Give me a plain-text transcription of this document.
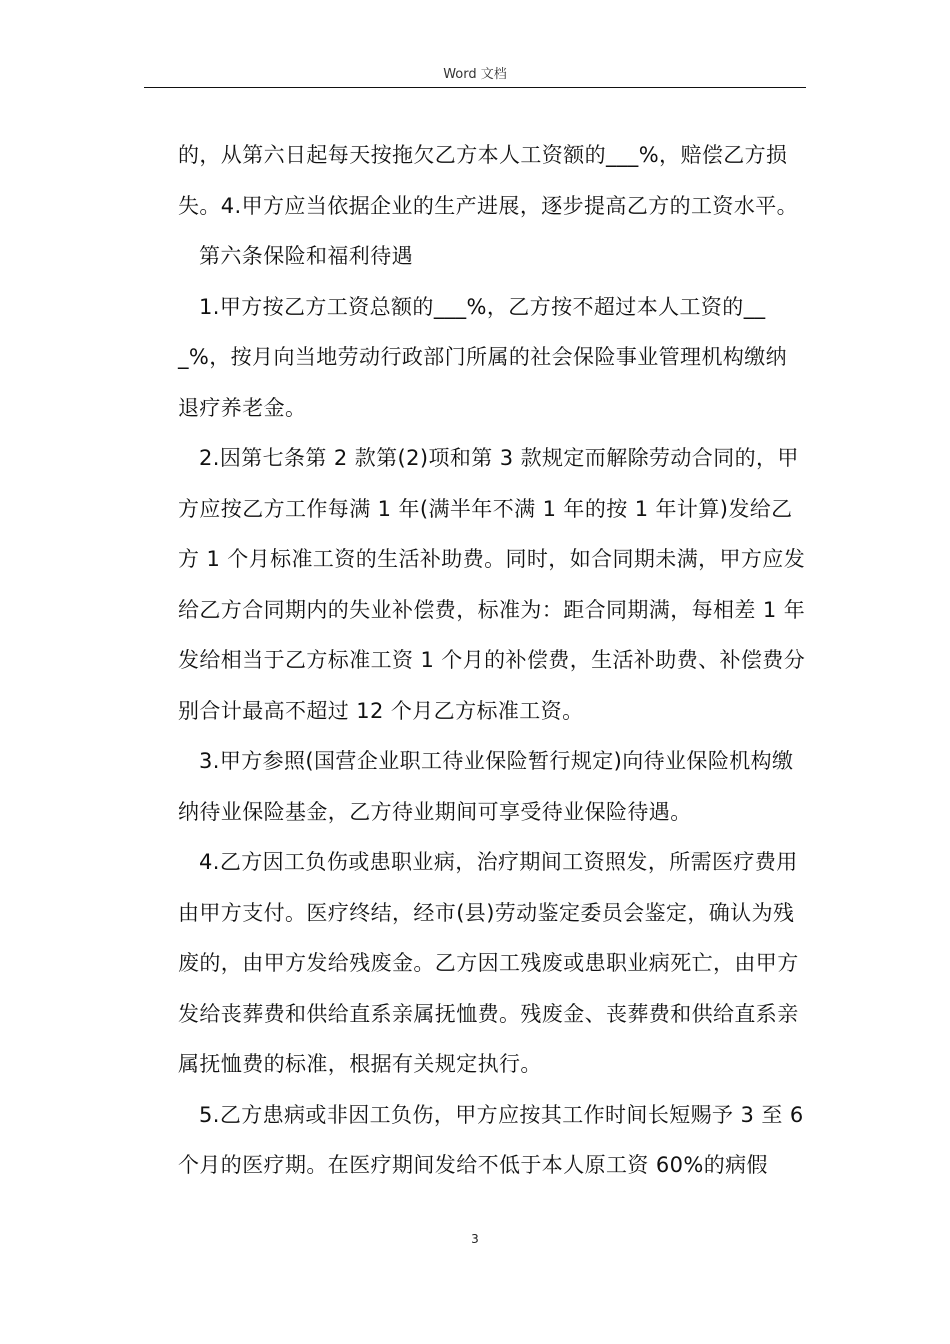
Word 文档

的，从第六日起每天按拖欠乙方本人工资额的___%，赔偿乙方损失。4.甲方应当依据企业的生产进展，逐步提高乙方的工资水平。

第六条保险和福利待遇

1.甲方按乙方工资总额的___%，乙方按不超过本人工资的___%，按月向当地劳动行政部门所属的社会保险事业管理机构缴纳退疗养老金。

2.因第七条第 2 款第(2)项和第 3 款规定而解除劳动合同的，甲方应按乙方工作每满 1 年(满半年不满 1 年的按 1 年计算)发给乙方 1 个月标准工资的生活补助费。同时，如合同期未满，甲方应发给乙方合同期内的失业补偿费，标准为：距合同期满，每相差 1 年发给相当于乙方标准工资 1 个月的补偿费，生活补助费、补偿费分别合计最高不超过 12 个月乙方标准工资。

3.甲方参照(国营企业职工待业保险暂行规定)向待业保险机构缴纳待业保险基金，乙方待业期间可享受待业保险待遇。

4.乙方因工负伤或患职业病，治疗期间工资照发，所需医疗费用由甲方支付。医疗终结，经市(县)劳动鉴定委员会鉴定，确认为残废的，由甲方发给残废金。乙方因工残废或患职业病死亡，由甲方发给丧葬费和供给直系亲属抚恤费。残废金、丧葬费和供给直系亲属抚恤费的标准，根据有关规定执行。

5.乙方患病或非因工负伤，甲方应按其工作时间长短赐予 3 至 6 个月的医疗期。在医疗期间发给不低于本人原工资 60%的病假

3
